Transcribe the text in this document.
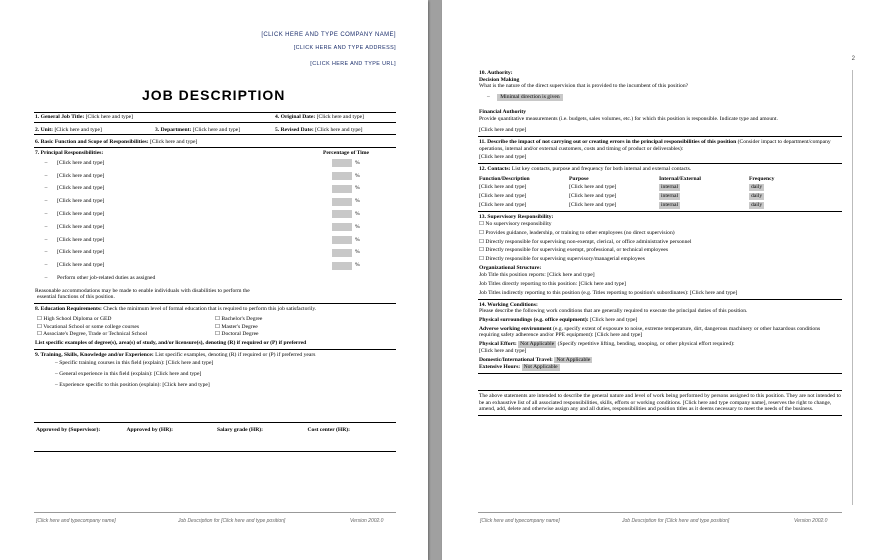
[CLICK HERE AND TYPE COMPANY NAME]
[CLICK HERE AND TYPE ADDRESS]
[CLICK HERE AND TYPE URL]
JOB DESCRIPTION
1. General Job Title: [Click here and type]	4. Original Date: [Click here and type]
2. Unit: [Click here and type]	3. Department: [Click here and type]	5. Revised Date: [Click here and type]
6. Basic Function and Scope of Responsibilities: [Click here and type]
7. Principal Responsibilities:	Percentage of Time
–	[Click here and type]	%
–	[Click here and type]	%
–	[Click here and type]	%
–	[Click here and type]	%
–	[Click here and type]	%
–	[Click here and type]	%
–	[Click here and type]	%
–	[Click here and type]	%
–	[Click here and type]	%
–	Perform other job-related duties as assigned
Reasonable accommodations may be made to enable individuals with disabilities to perform the
essential functions of this position.
8. Education Requirements: Check the minimum level of formal education that is required to perform this job satisfactorily.
☐ High School Diploma or GED	☐ Bachelor's Degree
☐ Vocational School or some college courses	☐ Master's Degree
☐ Associate's Degree, Trade or Technical School	☐ Doctoral Degree
List specific examples of degree(s), area(s) of study, and/or licensure(s), denoting (R) if required or (P) if preferred
9. Training, Skills, Knowledge and/or Experience: List specific examples, denoting (R) if required or (P) if preferred years
– Specific training courses in this field (explain): [Click here and type]
– General experience in this field (explain): [Click here and type]
– Experience specific to this position (explain): [Click here and type]
Approved by (Supervisor):	Approved by (HR):	Salary grade (HR):	Cost center (HR):
[Click here and typecompany name]	Job Description for [Click here and type position]	Version 2002.0
2
10. Authority:
Decision Making
What is the nature of the direct supervision that is provided to the incumbent of this position?
– Minimal direction is given
Financial Authority
Provide quantitative measurements (i.e. budgets, sales volumes, etc.) for which this position is responsible. Indicate type and amount.
[Click here and type]
11. Describe the impact of not carrying out or creating errors in the principal responsibilities of this position (Consider impact to department/company operations, internal and/or external customers, costs and timing of product or deliverables):
[Click here and type]
12. Contacts: List key contacts, purpose and frequency for both internal and external contacts.
Function/Description	Purpose	Internal/External	Frequency
[Click here and type]	[Click here and type]	internal	daily
[Click here and type]	[Click here and type]	internal	daily
[Click here and type]	[Click here and type]	internal	daily
13. Supervisory Responsibility:
☐ No supervisory responsibility
☐ Provides guidance, leadership, or training to other employees (no direct supervision)
☐ Directly responsible for supervising non-exempt, clerical, or office administrative personnel
☐ Directly responsible for supervising exempt, professional, or technical employees
☐ Directly responsible for supervising supervisory/managerial employees
Organizational Structure:
Job Title this position reports: [Click here and type]
Job Titles directly reporting to this position: [Click here and type]
Job Titles indirectly reporting to this position (e.g. Titles reporting to position's subordinates): [Click here and type]
14. Working Conditions:
Please describe the following work conditions that are generally required to execute the principal duties of this position.
Physical surroundings (e.g. office equipment): [Click here and type]
Adverse working environment (e.g. specify extent of exposure to noise, extreme temperature, dirt, dangerous machinery or other hazardous conditions requiring safety adherence and/or PPE equipment): [Click here and type]
Physical Effort: Not Applicable (Specify repetitive lifting, bending, stooping, or other physical effort required):
[Click here and type]
Domestic/International Travel: Not Applicable
Extensive Hours: Not Applicable
The above statements are intended to describe the general nature and level of work being performed by persons assigned to this position. They are not intended to be an exhaustive list of all associated responsibilities, skills, efforts or working conditions. [Click here and type company name], reserves the right to change, amend, add, delete and otherwise assign any and all duties, responsibilities and position titles as it deems necessary to meet the needs of the business.
[Click here and typecompany name]	Job Description for [Click here and type position]	Version 2002.0
